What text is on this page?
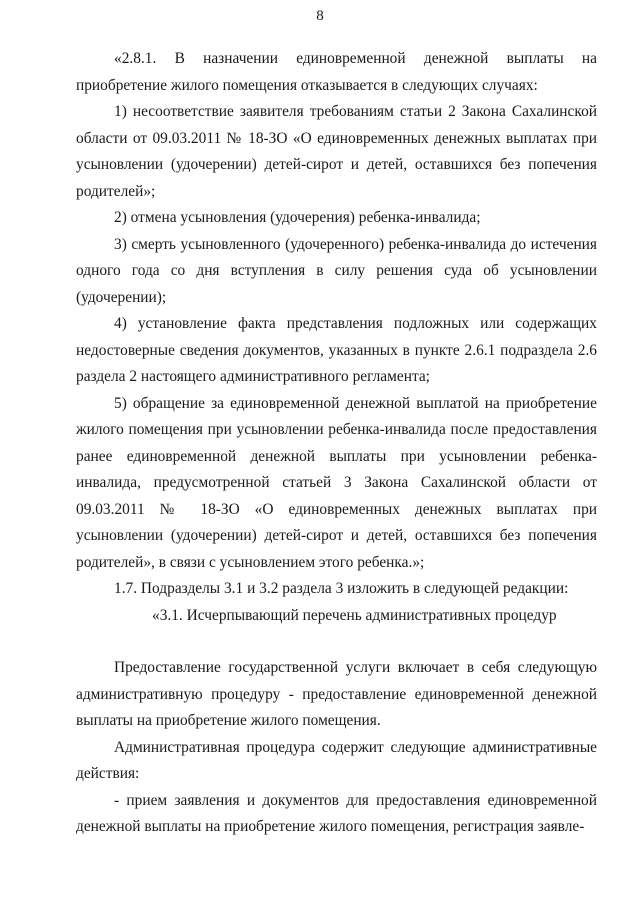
8

«2.8.1. В назначении единовременной денежной выплаты на приобретение жилого помещения отказывается в следующих случаях:

1) несоответствие заявителя требованиям статьи 2 Закона Сахалинской области от 09.03.2011 № 18-ЗО «О единовременных денежных выплатах при усыновлении (удочерении) детей-сирот и детей, оставшихся без попечения родителей»;

2) отмена усыновления (удочерения) ребенка-инвалида;

3) смерть усыновленного (удочеренного) ребенка-инвалида до истечения одного года со дня вступления в силу решения суда об усыновлении (удочерении);

4) установление факта представления подложных или содержащих недостоверные сведения документов, указанных в пункте 2.6.1 подраздела 2.6 раздела 2 настоящего административного регламента;

5) обращение за единовременной денежной выплатой на приобретение жилого помещения при усыновлении ребенка-инвалида после предоставления ранее единовременной денежной выплаты при усыновлении ребенка-инвалида, предусмотренной статьей 3 Закона Сахалинской области от 09.03.2011 № 18-ЗО «О единовременных денежных выплатах при усыновлении (удочерении) детей-сирот и детей, оставшихся без попечения родителей», в связи с усыновлением этого ребенка.»;

1.7. Подразделы 3.1 и 3.2 раздела 3 изложить в следующей редакции:

«3.1. Исчерпывающий перечень административных процедур

Предоставление государственной услуги включает в себя следующую административную процедуру - предоставление единовременной денежной выплаты на приобретение жилого помещения.

Административная процедура содержит следующие административные действия:

- прием заявления и документов для предоставления единовременной денежной выплаты на приобретение жилого помещения, регистрация заявле-
